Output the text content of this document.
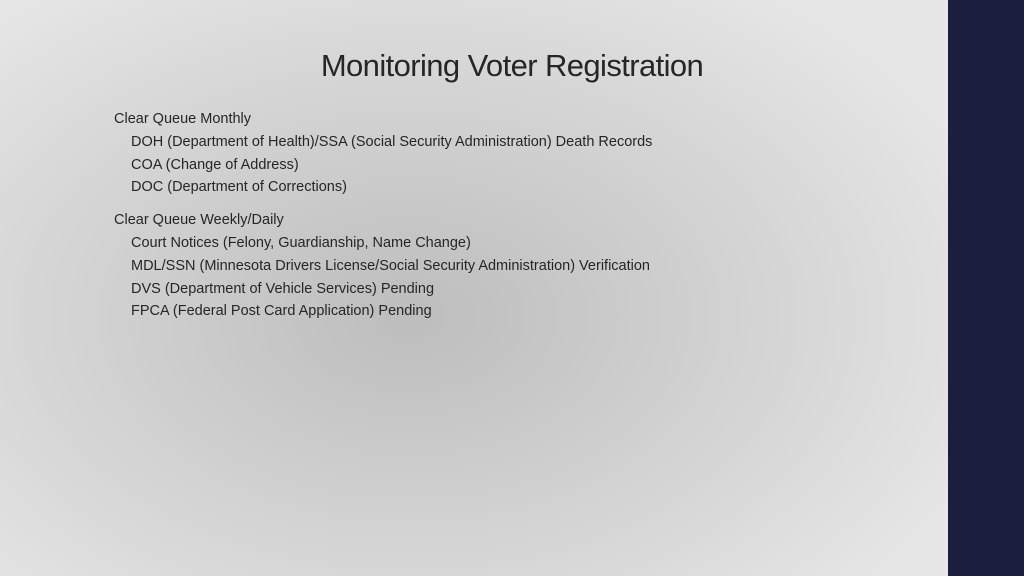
Monitoring Voter Registration
Clear Queue Monthly
DOH (Department of Health)/SSA (Social Security Administration) Death Records
COA (Change of Address)
DOC (Department of Corrections)
Clear Queue Weekly/Daily
Court Notices (Felony, Guardianship, Name Change)
MDL/SSN (Minnesota Drivers License/Social Security Administration) Verification
DVS (Department of Vehicle Services) Pending
FPCA (Federal Post Card Application) Pending
